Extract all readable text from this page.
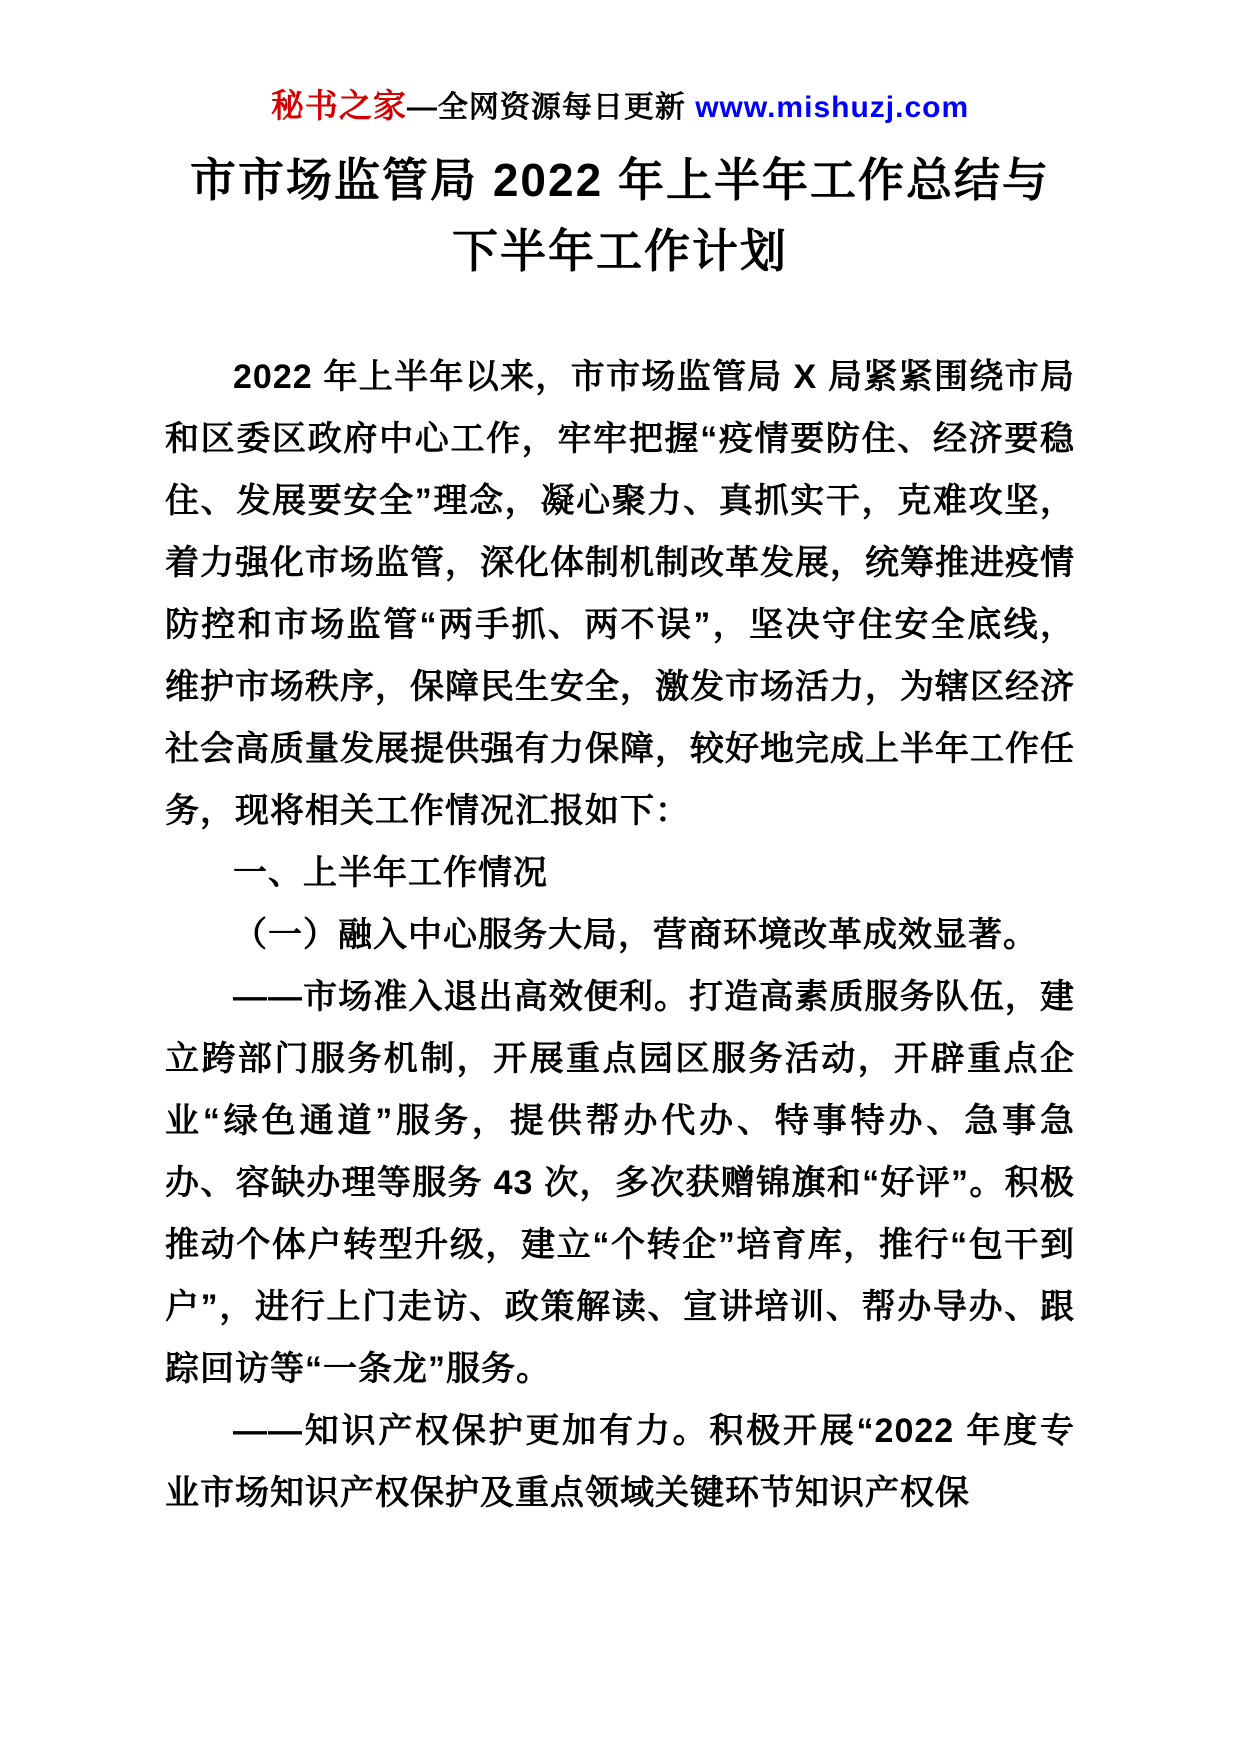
秘书之家—全网资源每日更新 www.mishuzj.com
市市场监管局 2022 年上半年工作总结与
下半年工作计划

2022 年上半年以来，市市场监管局 X 局紧紧围绕市局和区委区政府中心工作，牢牢把握“疫情要防住、经济要稳住、发展要安全”理念，凝心聚力、真抓实干，克难攻坚，着力强化市场监管，深化体制机制改革发展，统筹推进疫情防控和市场监管“两手抓、两不误”，坚决守住安全底线，维护市场秩序，保障民生安全，激发市场活力，为辖区经济社会高质量发展提供强有力保障，较好地完成上半年工作任务，现将相关工作情况汇报如下：

一、上半年工作情况

（一）融入中心服务大局，营商环境改革成效显著。

——市场准入退出高效便利。打造高素质服务队伍，建立跨部门服务机制，开展重点园区服务活动，开辟重点企业“绿色通道”服务，提供帮办代办、特事特办、急事急办、容缺办理等服务 43 次，多次获赠锦旗和“好评”。积极推动个体户转型升级，建立“个转企”培育库，推行“包干到户”，进行上门走访、政策解读、宣讲培训、帮办导办、跟踪回访等“一条龙”服务。

——知识产权保护更加有力。积极开展“2022 年度专业市场知识产权保护及重点领域关键环节知识产权保
